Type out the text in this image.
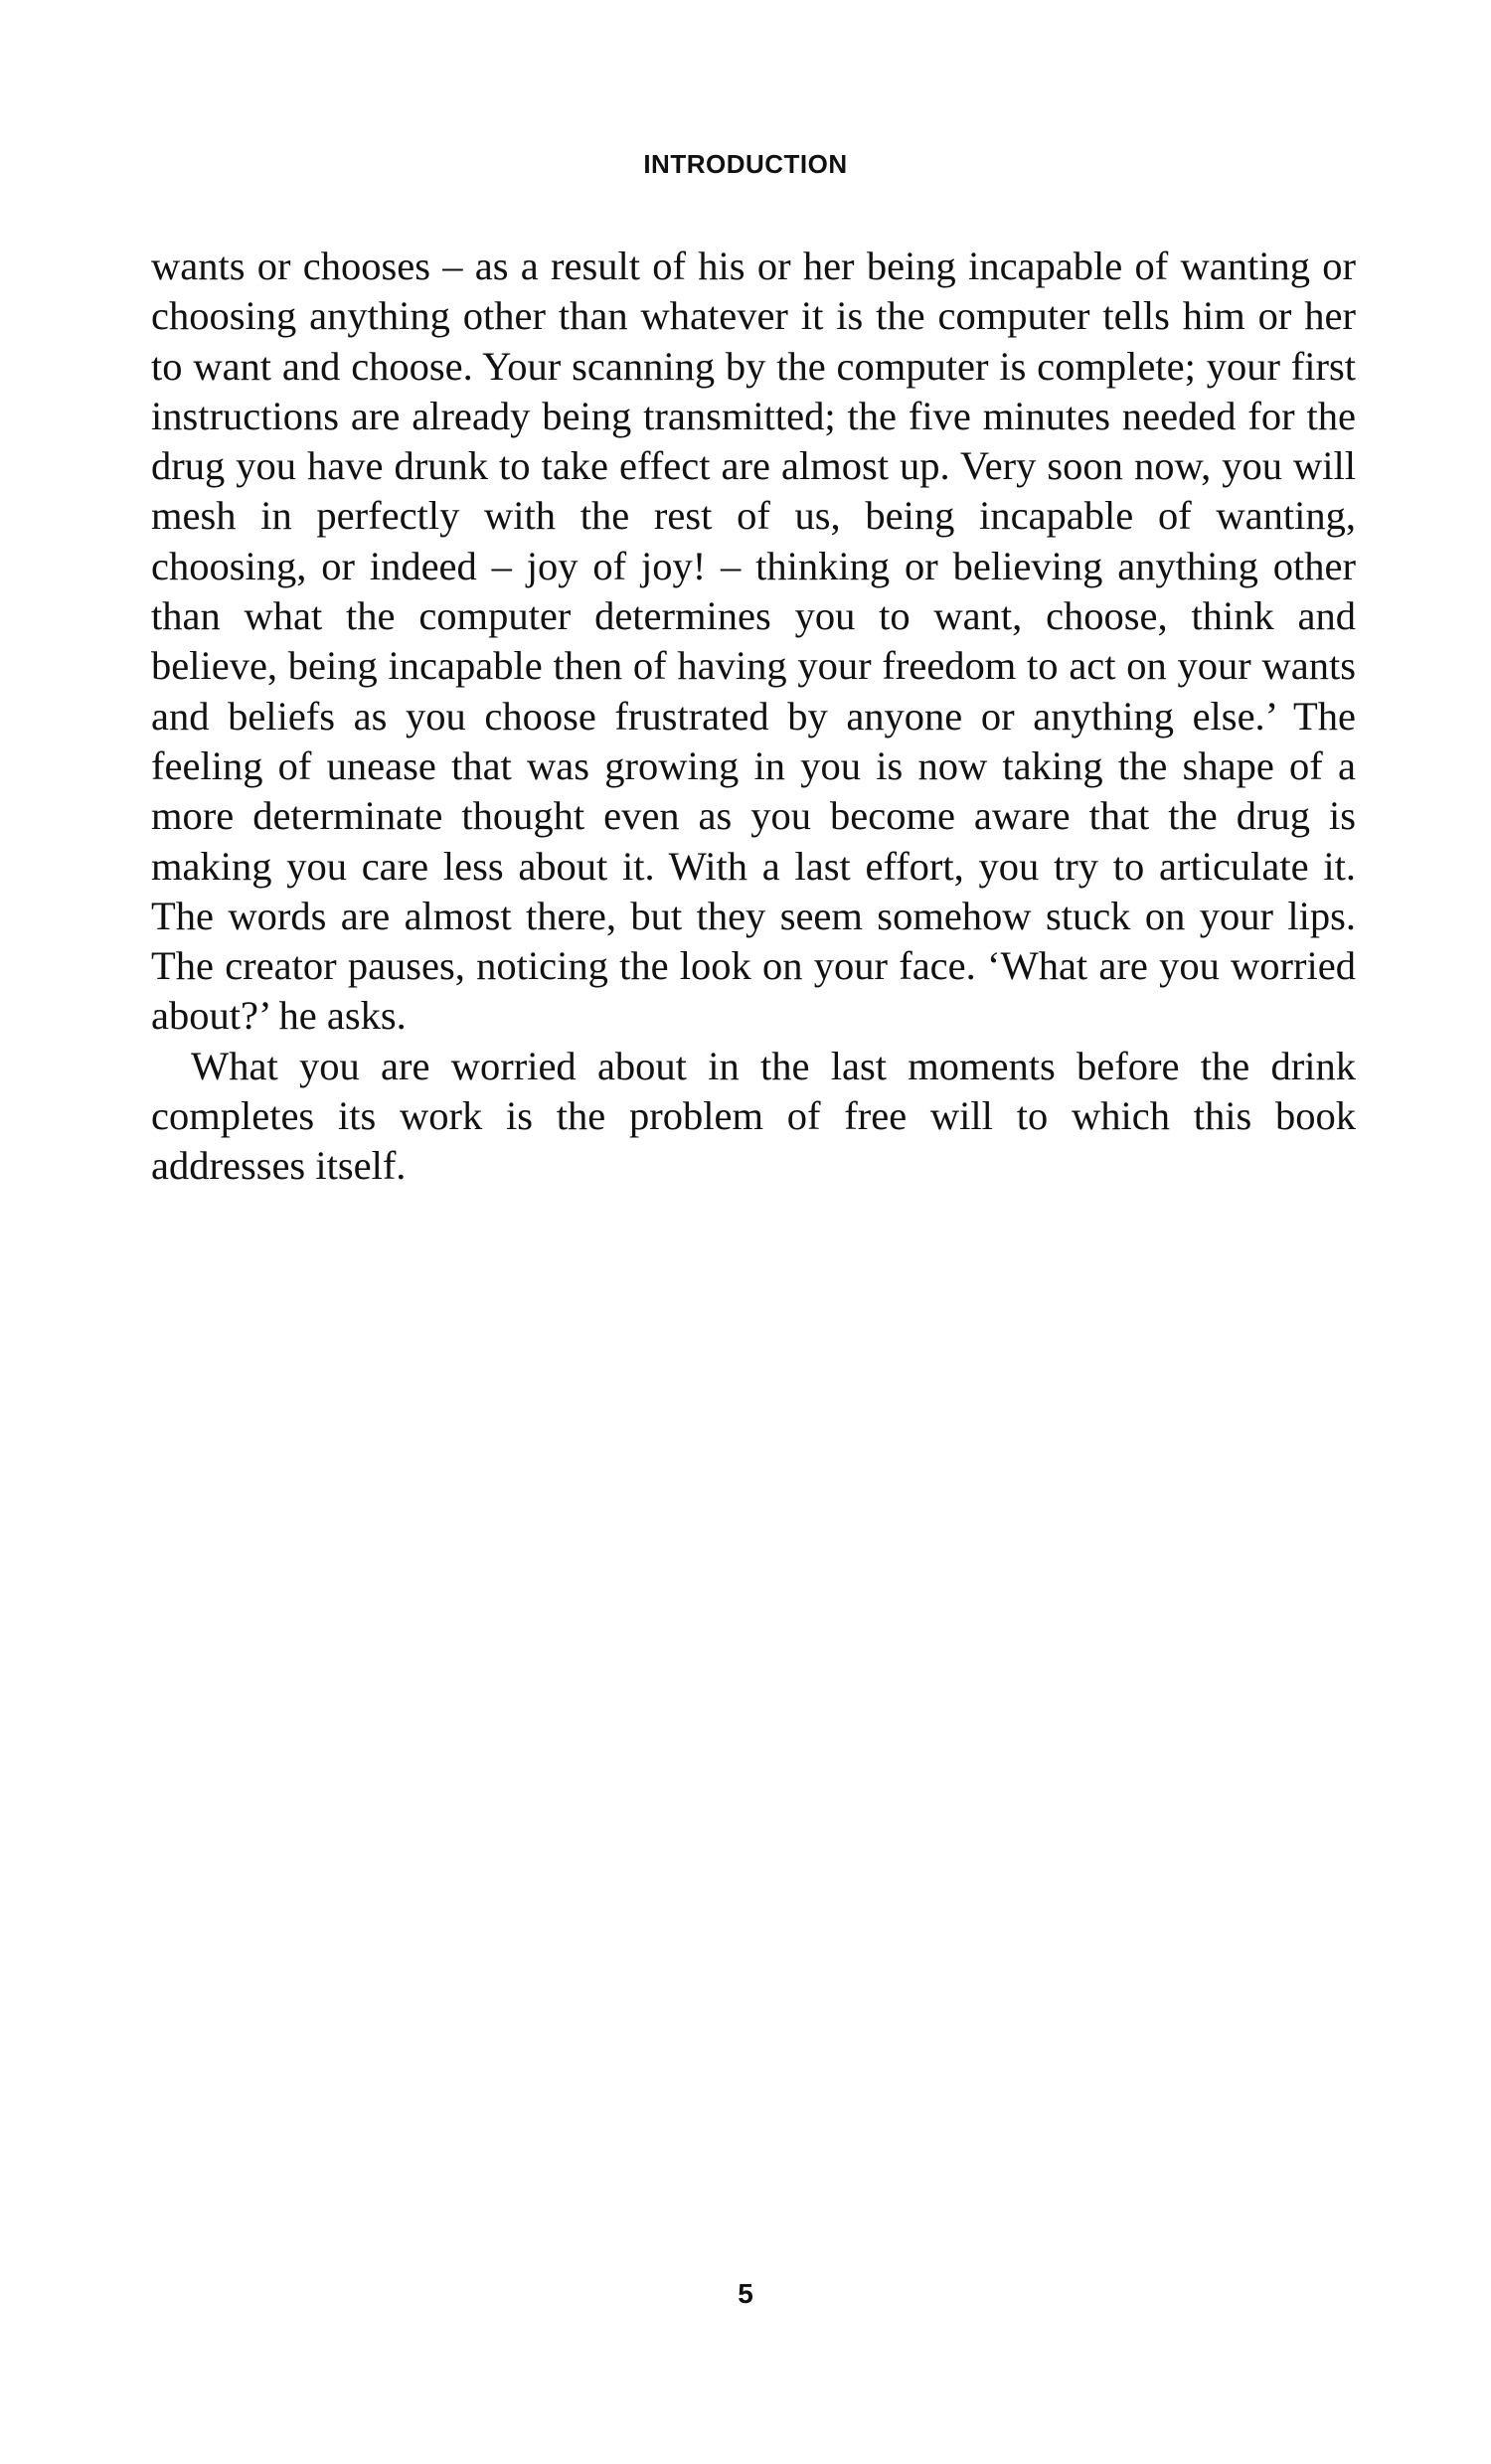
INTRODUCTION

wants or chooses – as a result of his or her being incapable of wanting or choosing anything other than whatever it is the computer tells him or her to want and choose. Your scanning by the computer is complete; your first instructions are already being transmitted; the five minutes needed for the drug you have drunk to take effect are almost up. Very soon now, you will mesh in perfectly with the rest of us, being incapable of wanting, choosing, or indeed – joy of joy! – thinking or believing anything other than what the computer determines you to want, choose, think and believe, being incapable then of having your freedom to act on your wants and beliefs as you choose frustrated by anyone or anything else.’ The feeling of unease that was growing in you is now taking the shape of a more determinate thought even as you become aware that the drug is making you care less about it. With a last effort, you try to articulate it. The words are almost there, but they seem somehow stuck on your lips. The creator pauses, noticing the look on your face. ‘What are you worried about?’ he asks.

What you are worried about in the last moments before the drink completes its work is the problem of free will to which this book addresses itself.

5
